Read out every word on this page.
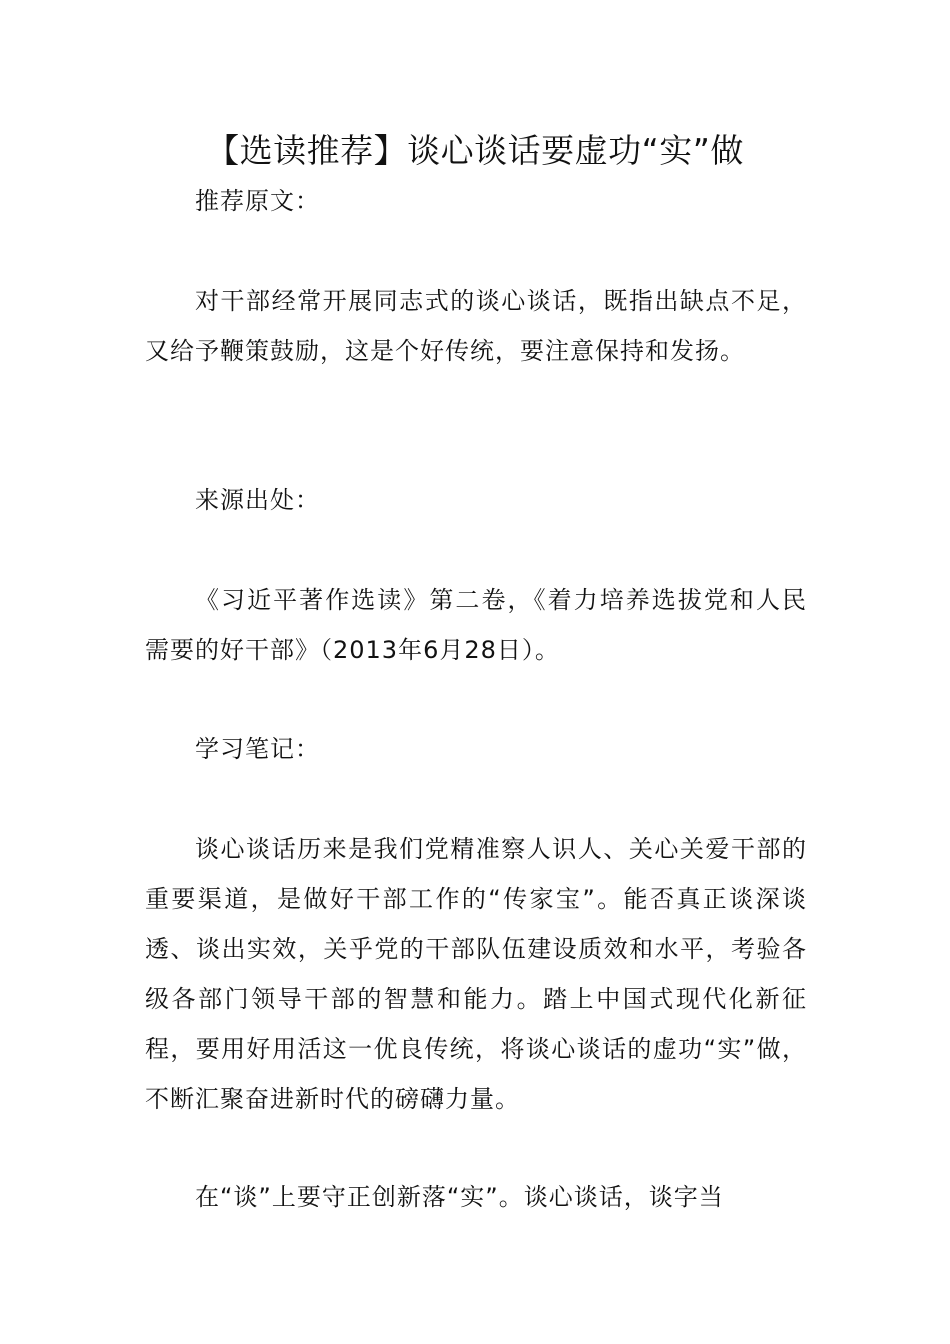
【选读推荐】谈心谈话要虚功“实”做

推荐原文：

对干部经常开展同志式的谈心谈话，既指出缺点不足，又给予鞭策鼓励，这是个好传统，要注意保持和发扬。

来源出处：

《习近平著作选读》第二卷，《着力培养选拔党和人民需要的好干部》（2013年6月28日）。

学习笔记：

谈心谈话历来是我们党精准察人识人、关心关爱干部的重要渠道，是做好干部工作的“传家宝”。能否真正谈深谈透、谈出实效，关乎党的干部队伍建设质效和水平，考验各级各部门领导干部的智慧和能力。踏上中国式现代化新征程，要用好用活这一优良传统，将谈心谈话的虚功“实”做，不断汇聚奋进新时代的磅礴力量。

在“谈”上要守正创新落“实”。谈心谈话，谈字当
